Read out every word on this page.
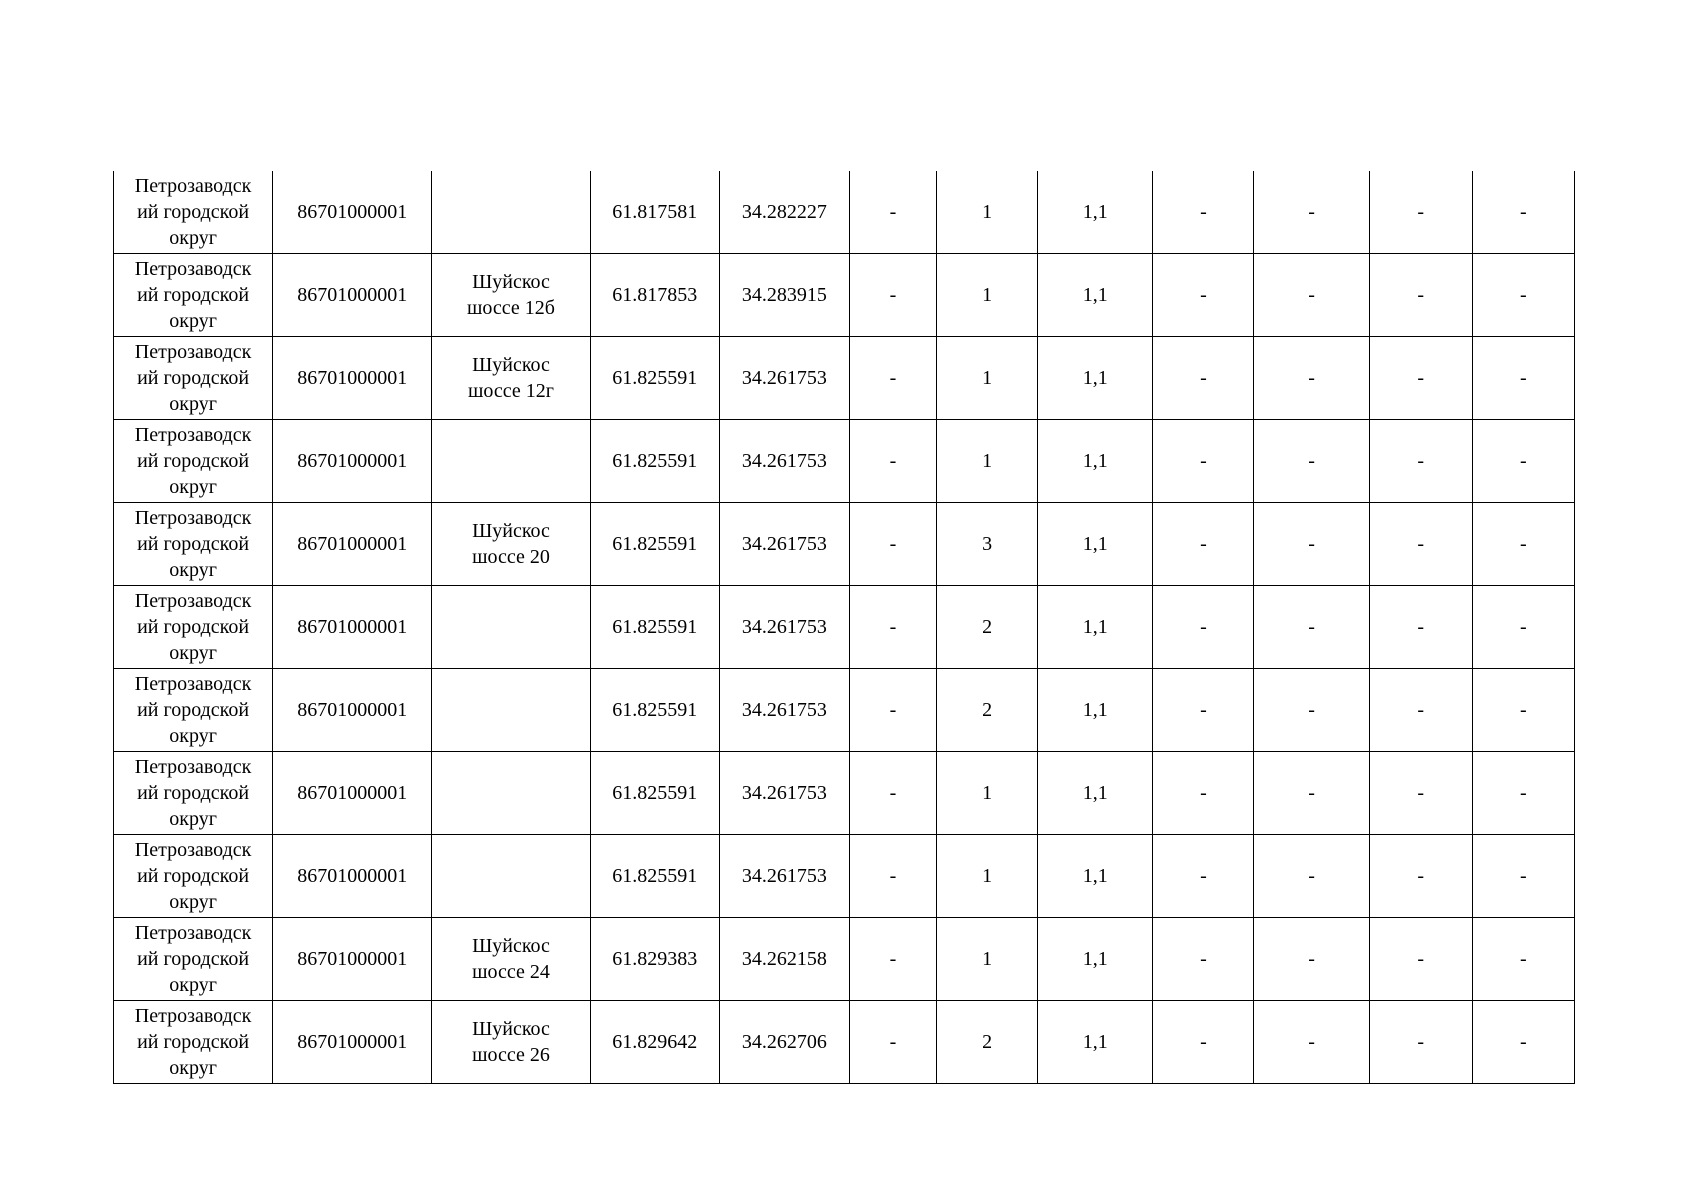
Петрозаводск
ий городской
округ	86701000001		61.817581	34.282227	-	1	1,1	-	-	-	-

Петрозаводск
ий городской
округ	86701000001	Шуйскос
шоссе 12б	61.817853	34.283915	-	1	1,1	-	-	-	-

Петрозаводск
ий городской
округ	86701000001	Шуйскос
шоссе 12г	61.825591	34.261753	-	1	1,1	-	-	-	-

Петрозаводск
ий городской
округ	86701000001		61.825591	34.261753	-	1	1,1	-	-	-	-

Петрозаводск
ий городской
округ	86701000001	Шуйскос
шоссе 20	61.825591	34.261753	-	3	1,1	-	-	-	-

Петрозаводск
ий городской
округ	86701000001		61.825591	34.261753	-	2	1,1	-	-	-	-

Петрозаводск
ий городской
округ	86701000001		61.825591	34.261753	-	2	1,1	-	-	-	-

Петрозаводск
ий городской
округ	86701000001		61.825591	34.261753	-	1	1,1	-	-	-	-

Петрозаводск
ий городской
округ	86701000001		61.825591	34.261753	-	1	1,1	-	-	-	-

Петрозаводск
ий городской
округ	86701000001	Шуйскос
шоссе 24	61.829383	34.262158	-	1	1,1	-	-	-	-

Петрозаводск
ий городской
округ	86701000001	Шуйскос
шоссе 26	61.829642	34.262706	-	2	1,1	-	-	-	-
